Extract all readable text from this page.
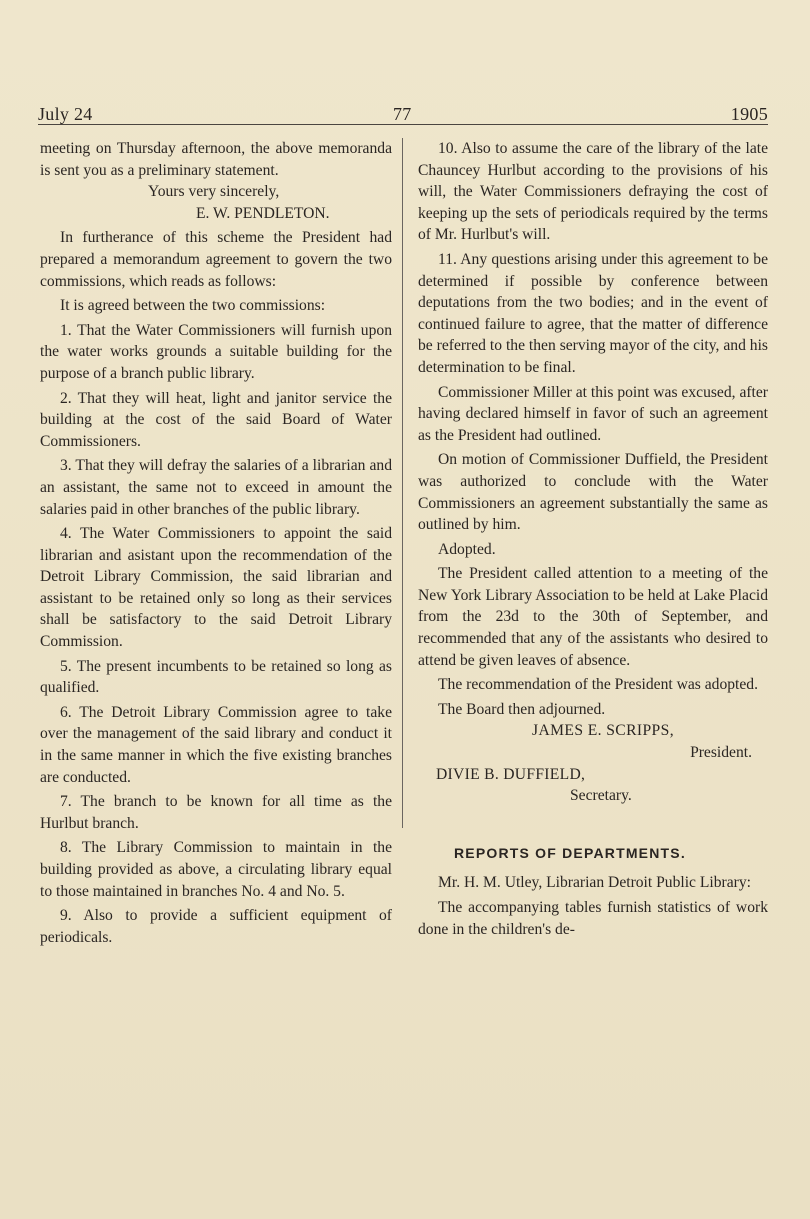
July 24	77	1905

meeting on Thursday afternoon, the above memoranda is sent you as a preliminary statement.

Yours very sincerely,

E. W. PENDLETON.

In furtherance of this scheme the President had prepared a memorandum agreement to govern the two commissions, which reads as follows:

It is agreed between the two commissions:

1. That the Water Commissioners will furnish upon the water works grounds a suitable building for the purpose of a branch public library.

2. That they will heat, light and janitor service the building at the cost of the said Board of Water Commissioners.

3. That they will defray the salaries of a librarian and an assistant, the same not to exceed in amount the salaries paid in other branches of the public library.

4. The Water Commissioners to appoint the said librarian and asistant upon the recommendation of the Detroit Library Commission, the said librarian and assistant to be retained only so long as their services shall be satisfactory to the said Detroit Library Commission.

5. The present incumbents to be retained so long as qualified.

6. The Detroit Library Commission agree to take over the management of the said library and conduct it in the same manner in which the five existing branches are conducted.

7. The branch to be known for all time as the Hurlbut branch.

8. The Library Commission to maintain in the building provided as above, a circulating library equal to those maintained in branches No. 4 and No. 5.

9. Also to provide a sufficient equipment of periodicals.

10. Also to assume the care of the library of the late Chauncey Hurlbut according to the provisions of his will, the Water Commissioners defraying the cost of keeping up the sets of periodicals required by the terms of Mr. Hurlbut's will.

11. Any questions arising under this agreement to be determined if possible by conference between deputations from the two bodies; and in the event of continued failure to agree, that the matter of difference be referred to the then serving mayor of the city, and his determination to be final.

Commissioner Miller at this point was excused, after having declared himself in favor of such an agreement as the President had outlined.

On motion of Commissioner Duffield, the President was authorized to conclude with the Water Commissioners an agreement substantially the same as outlined by him.

Adopted.

The President called attention to a meeting of the New York Library Association to be held at Lake Placid from the 23d to the 30th of September, and recommended that any of the assistants who desired to attend be given leaves of absence.

The recommendation of the President was adopted.

The Board then adjourned.

JAMES E. SCRIPPS,

President.

DIVIE B. DUFFIELD,

Secretary.

REPORTS OF DEPARTMENTS.

Mr. H. M. Utley, Librarian Detroit Public Library:

The accompanying tables furnish statistics of work done in the children's de-
